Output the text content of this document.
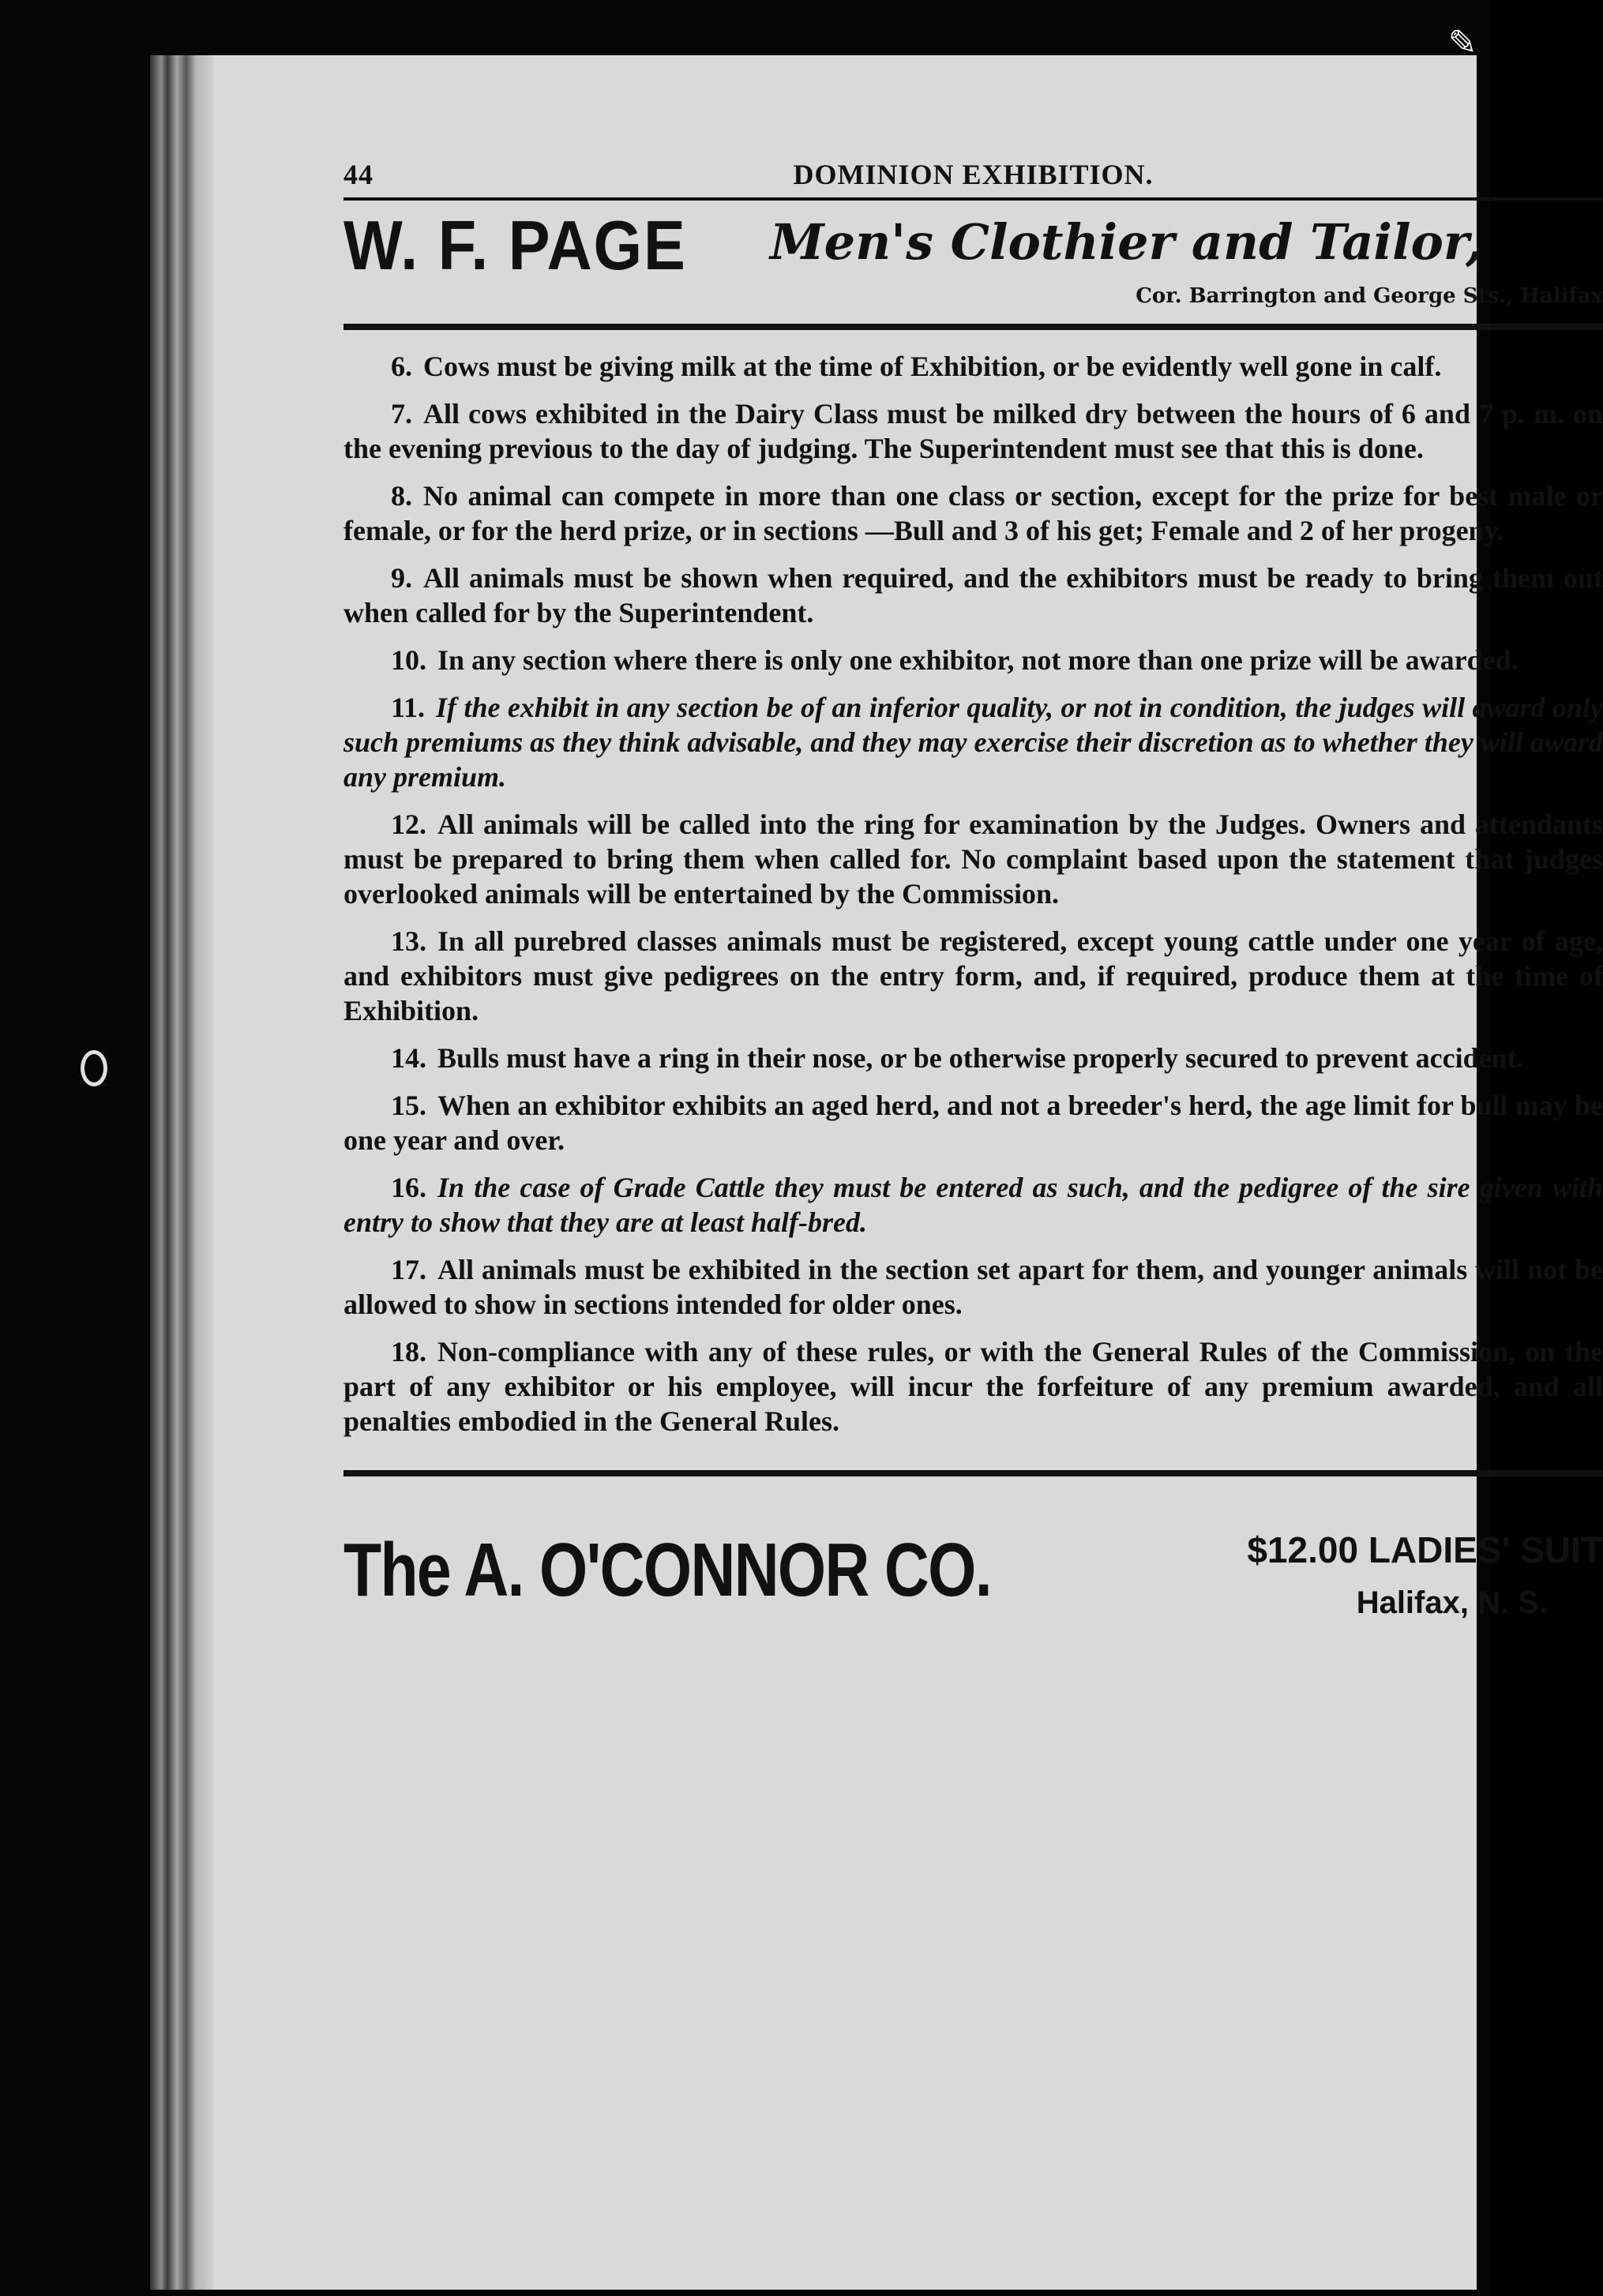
44	DOMINION EXHIBITION.
W. F. PAGE Men's Clothier and Tailor,
Cor. Barrington and George Sts., Halifax

6. Cows must be giving milk at the time of Exhibition, or be evidently well gone in calf.

7. All cows exhibited in the Dairy Class must be milked dry between the hours of 6 and 7 p. m. on the evening previous to the day of judging. The Superintendent must see that this is done.

8. No animal can compete in more than one class or section, except for the prize for best male or female, or for the herd prize, or in sections —Bull and 3 of his get; Female and 2 of her progeny.

9. All animals must be shown when required, and the exhibitors must be ready to bring them out when called for by the Superintendent.

10. In any section where there is only one exhibitor, not more than one prize will be awarded.

11. If the exhibit in any section be of an inferior quality, or not in condition, the judges will award only such premiums as they think advisable, and they may exercise their discretion as to whether they will award any premium.

12. All animals will be called into the ring for examination by the Judges. Owners and attendants must be prepared to bring them when called for. No complaint based upon the statement that judges overlooked animals will be entertained by the Commission.

13. In all purebred classes animals must be registered, except young cattle under one year of age, and exhibitors must give pedigrees on the entry form, and, if required, produce them at the time of Exhibition.

14. Bulls must have a ring in their nose, or be otherwise properly secured to prevent accident.

15. When an exhibitor exhibits an aged herd, and not a breeder's herd, the age limit for bull may be one year and over.

16. In the case of Grade Cattle they must be entered as such, and the pedigree of the sire given with entry to show that they are at least half-bred.

17. All animals must be exhibited in the section set apart for them, and younger animals will not be allowed to show in sections intended for older ones.

18. Non-compliance with any of these rules, or with the General Rules of the Commission, on the part of any exhibitor or his employee, will incur the forfeiture of any premium awarded, and all penalties embodied in the General Rules.

The A. O'CONNOR CO.	$12.00 LADIES' SUIT
Halifax, N. S.
✎
